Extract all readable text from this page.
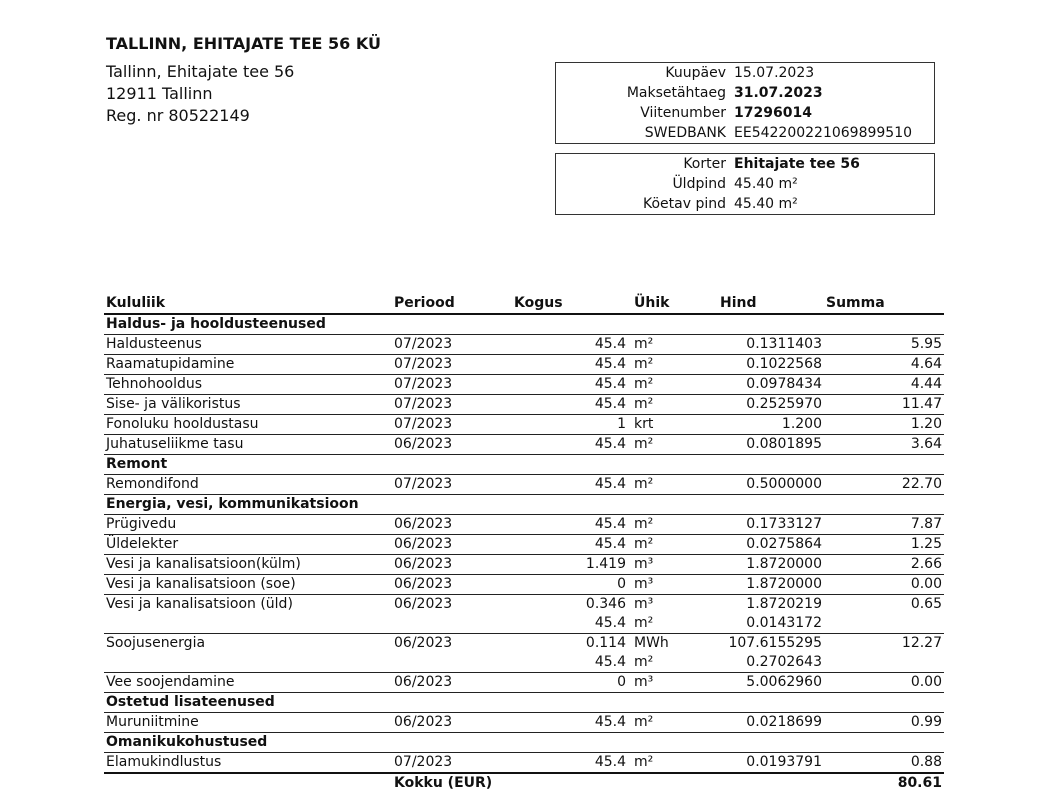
TALLINN, EHITAJATE TEE 56 KÜ
Tallinn, Ehitajate tee 56
12911 Tallinn
Reg. nr 80522149
Kuupäev 15.07.2023
Maksetähtaeg 31.07.2023
Viitenumber 17296014
SWEDBANK EE542200221069899510
Korter Ehitajate tee 56
Üldpind 45.40 m²
Köetav pind 45.40 m²
Kululiik	Periood	Kogus	Ühik	Hind	Summa
Haldus- ja hooldusteenused					
Haldusteenus	07/2023	45.4	m²	0.1311403	5.95
Raamatupidamine	07/2023	45.4	m²	0.1022568	4.64
Tehnohooldus	07/2023	45.4	m²	0.0978434	4.44
Sise- ja välikoristus	07/2023	45.4	m²	0.2525970	11.47
Fonoluku hooldustasu	07/2023	1	krt	1.200	1.20
Juhatuseliikme tasu	06/2023	45.4	m²	0.0801895	3.64
Remont					
Remondifond	07/2023	45.4	m²	0.5000000	22.70
Energia, vesi, kommunikatsioon					
Prügivedu	06/2023	45.4	m²	0.1733127	7.87
Üldelekter	06/2023	45.4	m²	0.0275864	1.25
Vesi ja kanalisatsioon(külm)	06/2023	1.419	m³	1.8720000	2.66
Vesi ja kanalisatsioon (soe)	06/2023	0	m³	1.8720000	0.00
Vesi ja kanalisatsioon (üld)	06/2023	0.346	m³	1.8720219	0.65
		45.4	m²	0.0143172	
Soojusenergia	06/2023	0.114	MWh	107.6155295	12.27
		45.4	m²	0.2702643	
Vee soojendamine	06/2023	0	m³	5.0062960	0.00
Ostetud lisateenused					
Muruniitmine	06/2023	45.4	m²	0.0218699	0.99
Omanikukohustused					
Elamukindlustus	07/2023	45.4	m²	0.0193791	0.88
	Kokku (EUR)				80.61
